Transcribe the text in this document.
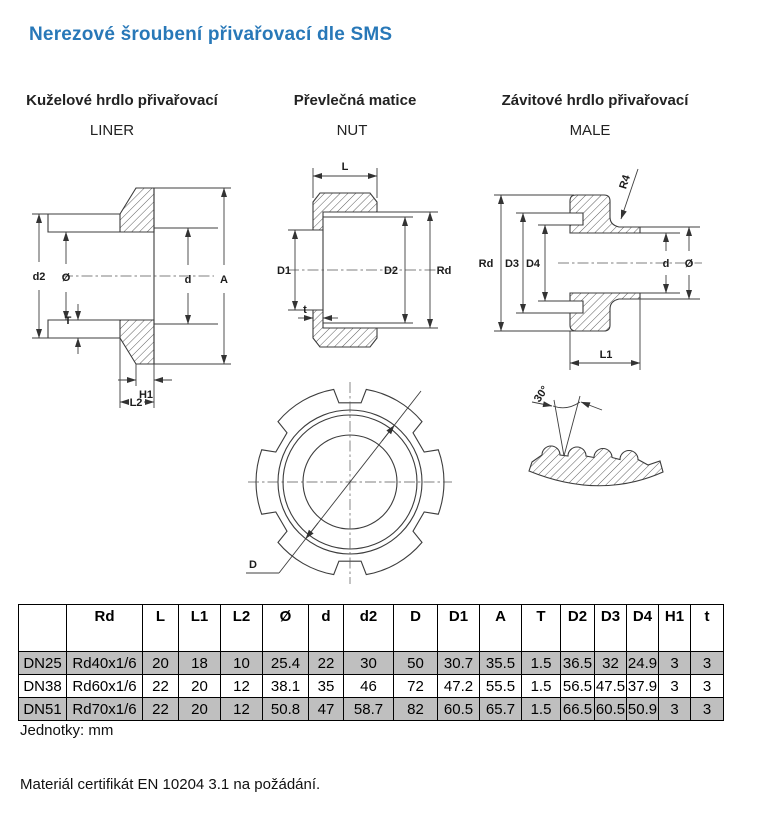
Nerezové šroubení přivařovací dle SMS
Kuželové hrdlo přivařovací	Převlečná matice	Závitové hrdlo přivařovací
LINER	NUT	MALE
d2 Ø
T
d	A
H1
L2
L
D1
t
D2	Rd
d Ø
Rd D3 D4
R4
L1
D
30°
	Rd	L	L1	L2	Ø	d	d2	D	D1	A	T	D2	D3	D4	H1	t
DN25	Rd40x1/6	20	18	10	25.4	22	30	50	30.7	35.5	1.5	36.5	32	24.9	3	3
DN38	Rd60x1/6	22	20	12	38.1	35	46	72	47.2	55.5	1.5	56.5	47.5	37.9	3	3
DN51	Rd70x1/6	22	20	12	50.8	47	58.7	82	60.5	65.7	1.5	66.5	60.5	50.9	3	3
Jednotky: mm
Materiál certifikát EN 10204 3.1 na požádání.
